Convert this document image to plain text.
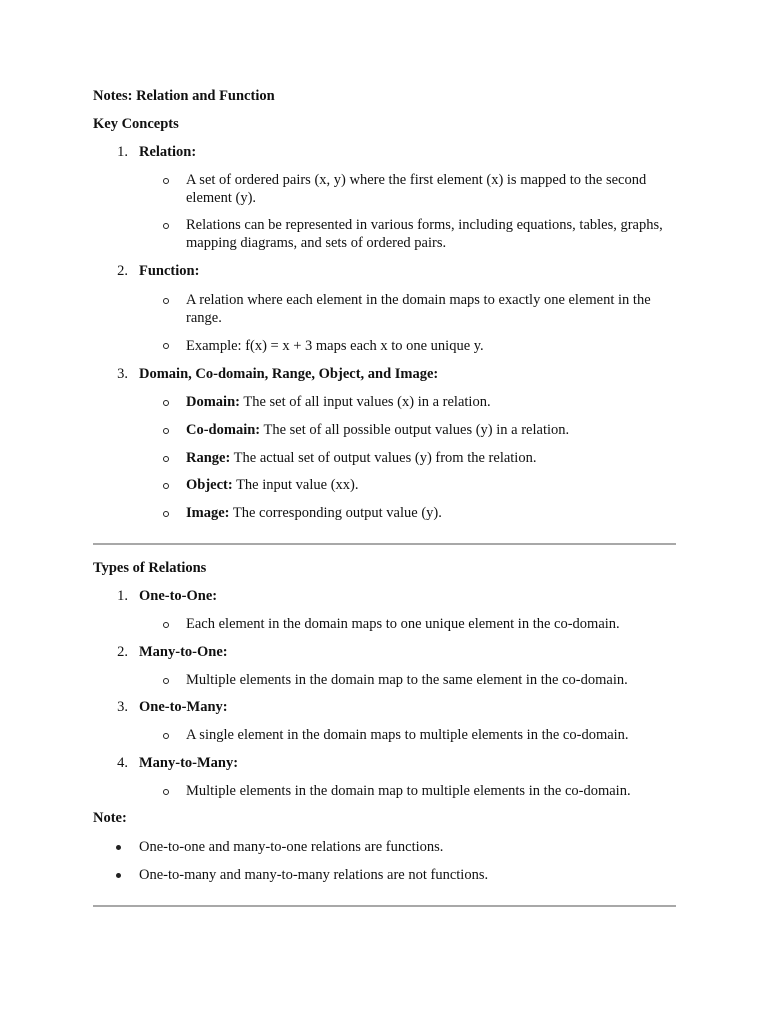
Notes: Relation and Function
Key Concepts
1. Relation:
A set of ordered pairs (x, y) where the first element (x) is mapped to the second element (y).
Relations can be represented in various forms, including equations, tables, graphs, mapping diagrams, and sets of ordered pairs.
2. Function:
A relation where each element in the domain maps to exactly one element in the range.
Example: f(x) = x + 3 maps each x to one unique y.
3. Domain, Co-domain, Range, Object, and Image:
Domain: The set of all input values (x) in a relation.
Co-domain: The set of all possible output values (y) in a relation.
Range: The actual set of output values (y) from the relation.
Object: The input value (xx).
Image: The corresponding output value (y).
Types of Relations
1. One-to-One:
Each element in the domain maps to one unique element in the co-domain.
2. Many-to-One:
Multiple elements in the domain map to the same element in the co-domain.
3. One-to-Many:
A single element in the domain maps to multiple elements in the co-domain.
4. Many-to-Many:
Multiple elements in the domain map to multiple elements in the co-domain.
Note:
One-to-one and many-to-one relations are functions.
One-to-many and many-to-many relations are not functions.
